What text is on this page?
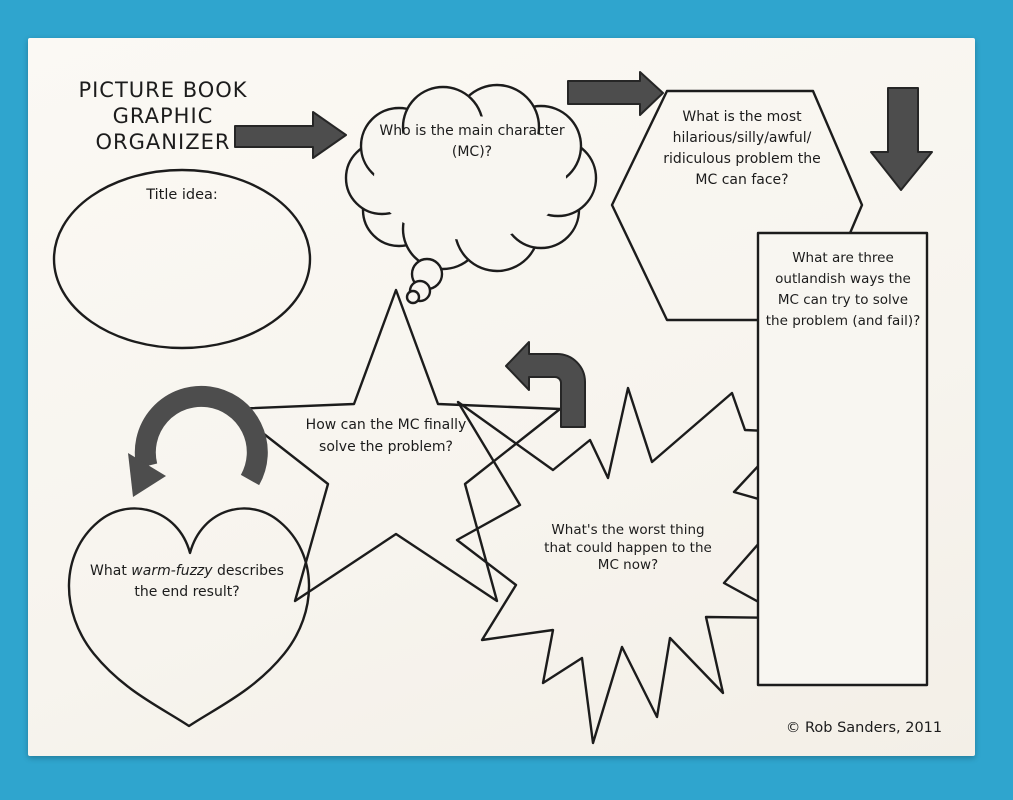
PICTURE BOOK
GRAPHIC
ORGANIZER
Title idea:
Who is the main character
(MC)?
What is the most
hilarious/silly/awful/
ridiculous problem the
MC can face?
What are three
outlandish ways the
MC can try to solve
the problem (and fail)?
How can the MC finally
solve the problem?
What's the worst thing
that could happen to the
MC now?
What warm-fuzzy describes
the end result?
© Rob Sanders, 2011
